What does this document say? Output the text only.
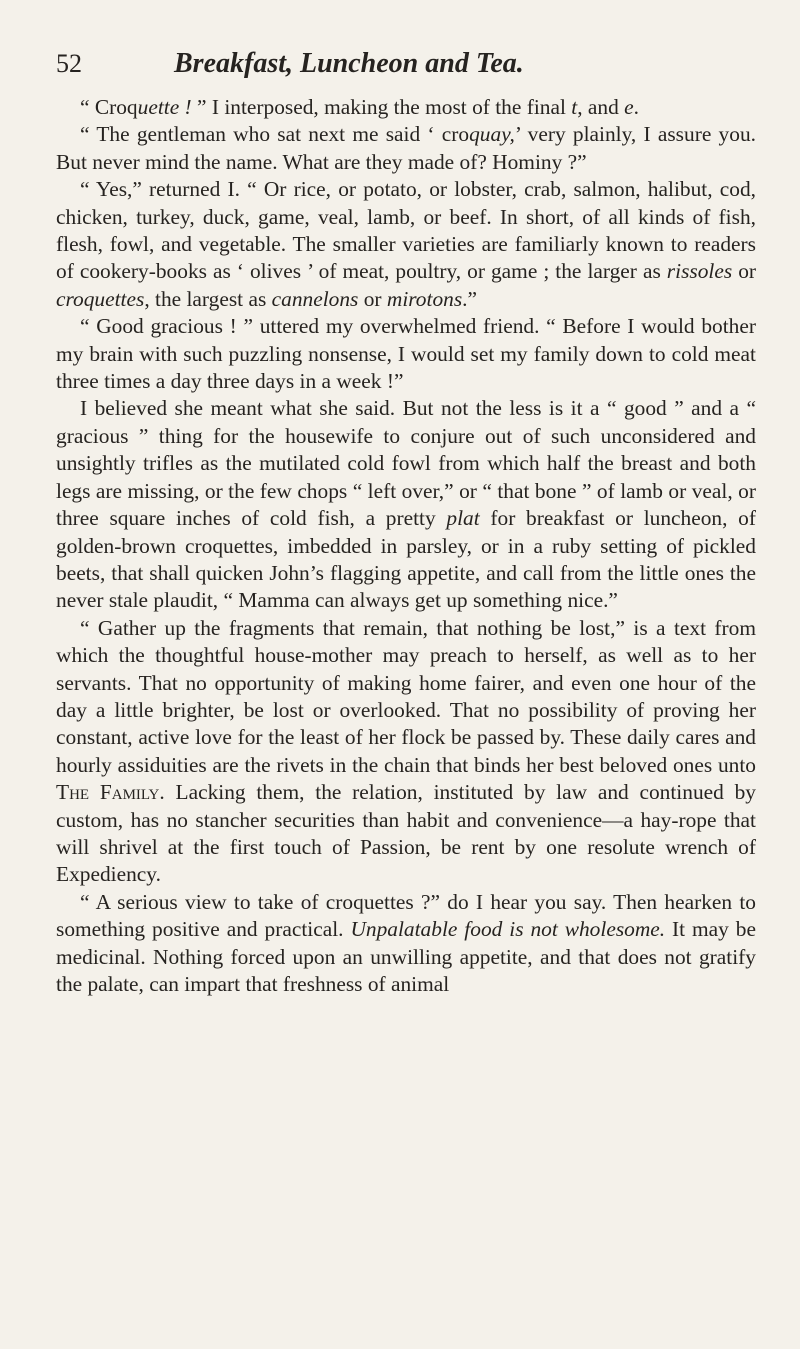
52	Breakfast, Luncheon and Tea.

“ Croquette ! ” I interposed, making the most of the final t, and e.

“ The gentleman who sat next me said ‘ croquay,’ very plainly, I assure you. But never mind the name. What are they made of? Hominy ?”

“ Yes,” returned I. “ Or rice, or potato, or lobster, crab, salmon, halibut, cod, chicken, turkey, duck, game, veal, lamb, or beef. In short, of all kinds of fish, flesh, fowl, and vegetable. The smaller varieties are familiarly known to readers of cookery-books as ‘ olives ’ of meat, poultry, or game ; the larger as rissoles or croquettes, the largest as cannelons or mirotons.”

“ Good gracious ! ” uttered my overwhelmed friend. “ Before I would bother my brain with such puzzling nonsense, I would set my family down to cold meat three times a day three days in a week !”

I believed she meant what she said. But not the less is it a “ good ” and a “ gracious ” thing for the housewife to conjure out of such unconsidered and unsightly trifles as the mutilated cold fowl from which half the breast and both legs are missing, or the few chops “ left over,” or “ that bone ” of lamb or veal, or three square inches of cold fish, a pretty plat for breakfast or luncheon, of golden-brown croquettes, imbedded in parsley, or in a ruby setting of pickled beets, that shall quicken John’s flagging appetite, and call from the little ones the never stale plaudit, “ Mamma can always get up something nice.”

“ Gather up the fragments that remain, that nothing be lost,” is a text from which the thoughtful house-mother may preach to herself, as well as to her servants. That no opportunity of making home fairer, and even one hour of the day a little brighter, be lost or overlooked. That no possibility of proving her constant, active love for the least of her flock be passed by. These daily cares and hourly assiduities are the rivets in the chain that binds her best beloved ones unto The Family. Lacking them, the relation, instituted by law and continued by custom, has no stancher securities than habit and convenience—a hay-rope that will shrivel at the first touch of Passion, be rent by one resolute wrench of Expediency.

“ A serious view to take of croquettes ?” do I hear you say. Then hearken to something positive and practical. Unpalatable food is not wholesome. It may be medicinal. Nothing forced upon an unwilling appetite, and that does not gratify the palate, can impart that freshness of animal
